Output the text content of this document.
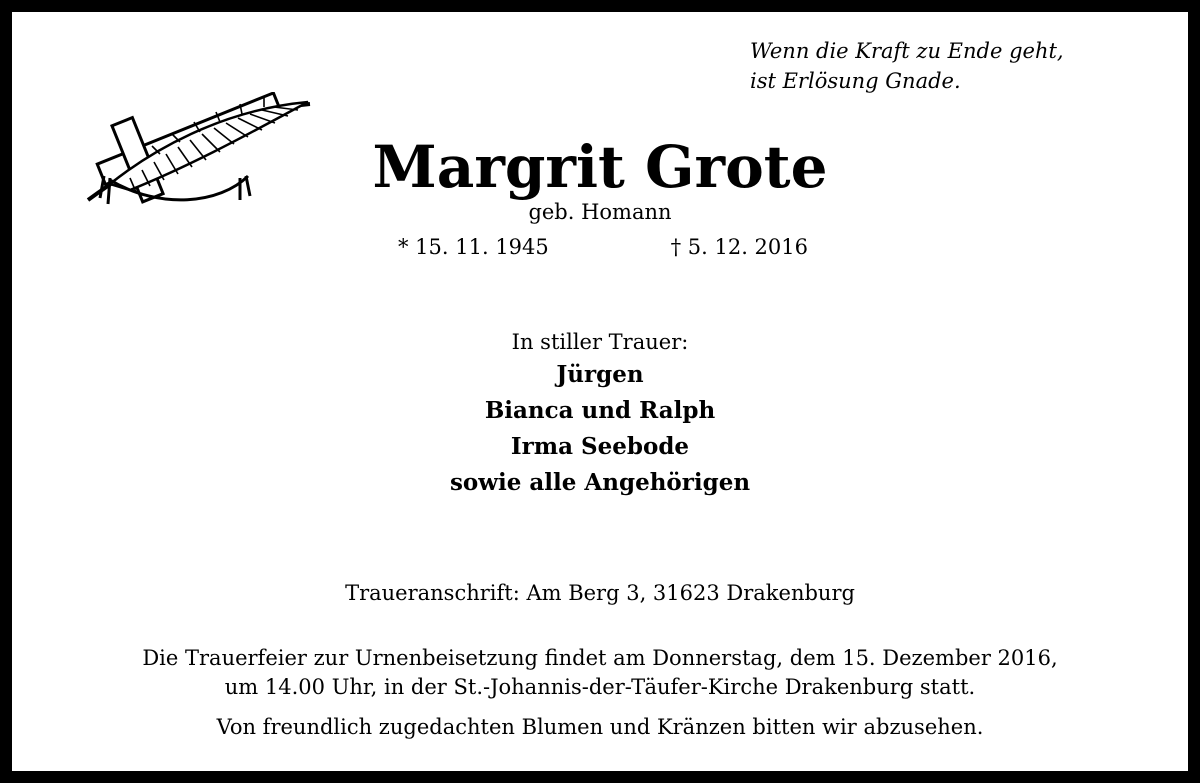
Wenn die Kraft zu Ende geht,
ist Erlösung Gnade.
Margrit Grote
geb. Homann
* 15. 11. 1945	† 5. 12. 2016
In stiller Trauer:
Jürgen
Bianca und Ralph
Irma Seebode
sowie alle Angehörigen
Traueranschrift: Am Berg 3, 31623 Drakenburg
Die Trauerfeier zur Urnenbeisetzung findet am Donnerstag, dem 15. Dezember 2016,
um 14.00 Uhr, in der St.-Johannis-der-Täufer-Kirche Drakenburg statt.
Von freundlich zugedachten Blumen und Kränzen bitten wir abzusehen.
